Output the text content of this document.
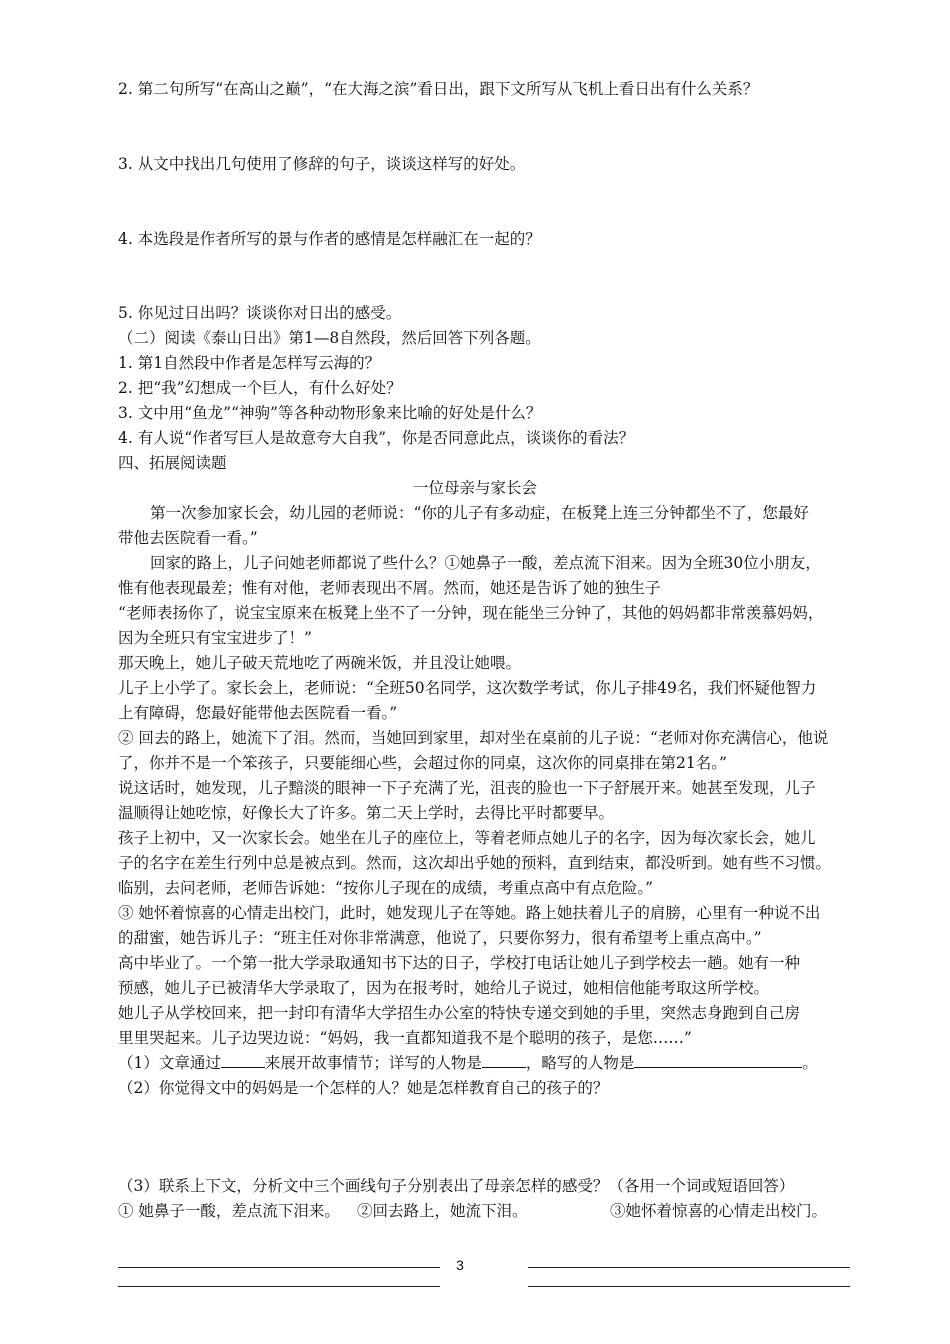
2. 第二句所写“在高山之巅”，“在大海之滨”看日出，跟下文所写从飞机上看日出有什么关系？
3. 从文中找出几句使用了修辞的句子，谈谈这样写的好处。
4. 本选段是作者所写的景与作者的感情是怎样融汇在一起的？
5. 你见过日出吗？谈谈你对日出的感受。
（二）阅读《泰山日出》第1—8自然段，然后回答下列各题。
1. 第1自然段中作者是怎样写云海的？
2. 把“我”幻想成一个巨人，有什么好处？
3. 文中用“鱼龙”“神驹”等各种动物形象来比喻的好处是什么？
4. 有人说“作者写巨人是故意夸大自我”，你是否同意此点，谈谈你的看法？
四、拓展阅读题
一位母亲与家长会
第一次参加家长会，幼儿园的老师说：“你的儿子有多动症，在板凳上连三分钟都坐不了，您最好
带他去医院看一看。”
回家的路上，儿子问她老师都说了些什么？①她鼻子一酸，差点流下泪来。因为全班30位小朋友，
惟有他表现最差；惟有对他，老师表现出不屑。然而，她还是告诉了她的独生子
“老师表扬你了，说宝宝原来在板凳上坐不了一分钟，现在能坐三分钟了，其他的妈妈都非常羡慕妈妈，
因为全班只有宝宝进步了！”
那天晚上，她儿子破天荒地吃了两碗米饭，并且没让她喂。
儿子上小学了。家长会上，老师说：“全班50名同学，这次数学考试，你儿子排49名，我们怀疑他智力
上有障碍，您最好能带他去医院看一看。”
② 回去的路上，她流下了泪。然而，当她回到家里，却对坐在桌前的儿子说：“老师对你充满信心，他说
了，你并不是一个笨孩子，只要能细心些，会超过你的同桌，这次你的同桌排在第21名。”
说这话时，她发现，儿子黯淡的眼神一下子充满了光，沮丧的脸也一下子舒展开来。她甚至发现，儿子
温顺得让她吃惊，好像长大了许多。第二天上学时，去得比平时都要早。
孩子上初中，又一次家长会。她坐在儿子的座位上，等着老师点她儿子的名字，因为每次家长会，她儿
子的名字在差生行列中总是被点到。然而，这次却出乎她的预料，直到结束，都没听到。她有些不习惯。
临别，去问老师，老师告诉她：“按你儿子现在的成绩，考重点高中有点危险。”
③ 她怀着惊喜的心情走出校门，此时，她发现儿子在等她。路上她扶着儿子的肩膀，心里有一种说不出
的甜蜜，她告诉儿子：“班主任对你非常满意，他说了，只要你努力，很有希望考上重点高中。”
高中毕业了。一个第一批大学录取通知书下达的日子，学校打电话让她儿子到学校去一趟。她有一种
预感，她儿子已被清华大学录取了，因为在报考时，她给儿子说过，她相信他能考取这所学校。
她儿子从学校回来，把一封印有清华大学招生办公室的特快专递交到她的手里，突然志身跑到自己房
里里哭起来。儿子边哭边说：“妈妈，我一直都知道我不是个聪明的孩子，是您……”
（1）文章通过	来展开故事情节；详写的人物是	，略写的人物是	。
（2）你觉得文中的妈妈是一个怎样的人？她是怎样教育自己的孩子的？
（3）联系上下文，分析文中三个画线句子分别表出了母亲怎样的感受？（各用一个词或短语回答）
① 她鼻子一酸，差点流下泪来。 ②回去路上，她流下泪。	③她怀着惊喜的心情走出校门。
3
